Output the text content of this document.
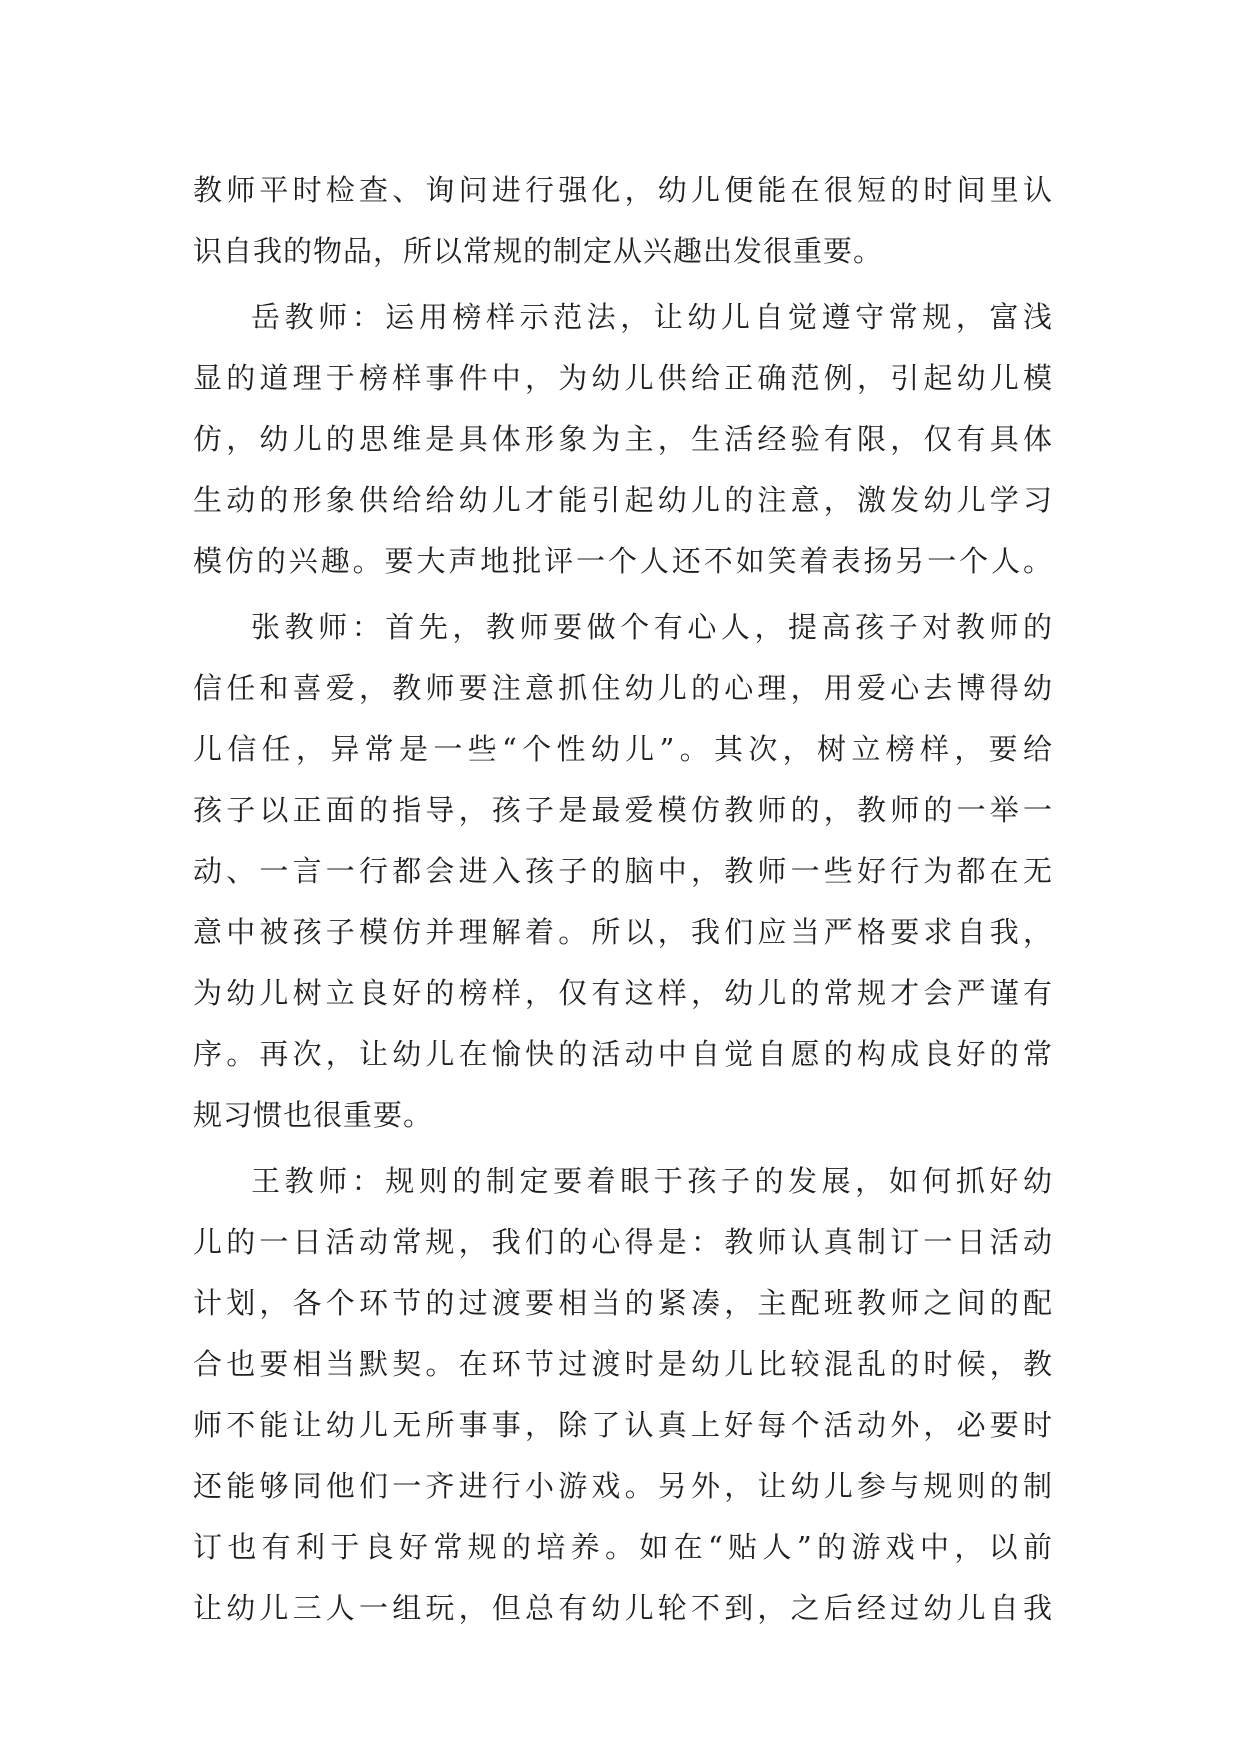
教师平时检查、询问进行强化，幼儿便能在很短的时间里认
识自我的物品，所以常规的制定从兴趣出发很重要。
岳教师：运用榜样示范法，让幼儿自觉遵守常规，富浅
显的道理于榜样事件中，为幼儿供给正确范例，引起幼儿模
仿，幼儿的思维是具体形象为主，生活经验有限，仅有具体
生动的形象供给给幼儿才能引起幼儿的注意，激发幼儿学习
模仿的兴趣。要大声地批评一个人还不如笑着表扬另一个人。
张教师：首先，教师要做个有心人，提高孩子对教师的
信任和喜爱，教师要注意抓住幼儿的心理，用爱心去博得幼
儿信任，异常是一些“个性幼儿”。其次，树立榜样，要给
孩子以正面的指导，孩子是最爱模仿教师的，教师的一举一
动、一言一行都会进入孩子的脑中，教师一些好行为都在无
意中被孩子模仿并理解着。所以，我们应当严格要求自我，
为幼儿树立良好的榜样，仅有这样，幼儿的常规才会严谨有
序。再次，让幼儿在愉快的活动中自觉自愿的构成良好的常
规习惯也很重要。
王教师：规则的制定要着眼于孩子的发展，如何抓好幼
儿的一日活动常规，我们的心得是：教师认真制订一日活动
计划，各个环节的过渡要相当的紧凑，主配班教师之间的配
合也要相当默契。在环节过渡时是幼儿比较混乱的时候，教
师不能让幼儿无所事事，除了认真上好每个活动外，必要时
还能够同他们一齐进行小游戏。另外，让幼儿参与规则的制
订也有利于良好常规的培养。如在“贴人”的游戏中，以前
让幼儿三人一组玩，但总有幼儿轮不到，之后经过幼儿自我
